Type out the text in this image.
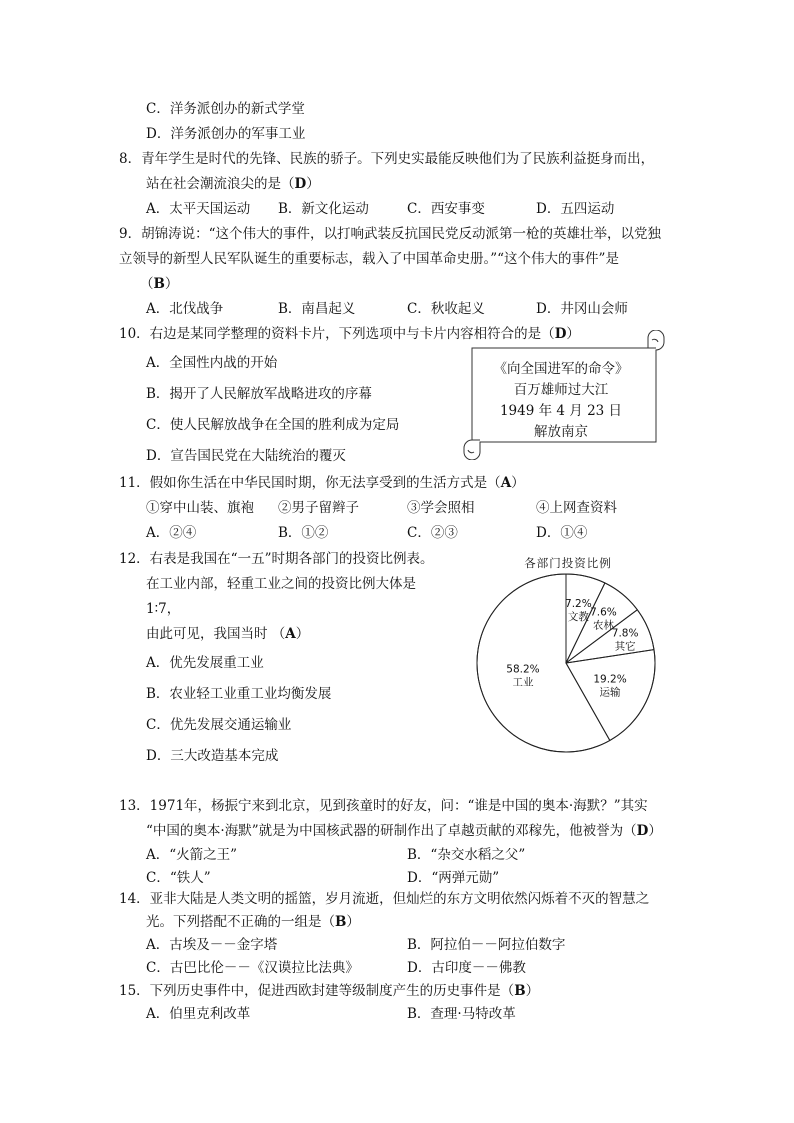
C．洋务派创办的新式学堂
D．洋务派创办的军事工业
8．青年学生是时代的先锋、民族的骄子。下列史实最能反映他们为了民族利益挺身而出，
站在社会潮流浪尖的是（D）
A．太平天国运动 B．新文化运动	C．西安事变	D．五四运动
9．胡锦涛说：“这个伟大的事件，以打响武装反抗国民党反动派第一枪的英雄壮举，以党独
立领导的新型人民军队诞生的重要标志，载入了中国革命史册。”“这个伟大的事件”是
（B）
A．北伐战争	B．南昌起义	C．秋收起义	D．井冈山会师
10．右边是某同学整理的资料卡片，下列选项中与卡片内容相符合的是（D）
A．全国性内战的开始
B．揭开了人民解放军战略进攻的序幕
C．使人民解放战争在全国的胜利成为定局
D．宣告国民党在大陆统治的覆灭
《向全国进军的命令》
百万雄师过大江
1949 年 4 月 23 日
解放南京
11．假如你生活在中华民国时期，你无法享受到的生活方式是（A）
①穿中山装、旗袍 ②男子留辫子	③学会照相	④上网查资料
A．②④	B．①②	C．②③	D．①④
12．右表是我国在“一五”时期各部门的投资比例表。
在工业内部，轻重工业之间的投资比例大体是
1∶7，
由此可见，我国当时 （A）
A．优先发展重工业
B．农业轻工业重工业均衡发展
C．优先发展交通运输业
D．三大改造基本完成
各部门投资比例
7.2%
文教 7.6%
农林
7.8%
其它
19.2%
运输
58.2%
工业
13．1971年，杨振宁来到北京，见到孩童时的好友，问：“谁是中国的奥本·海默？”其实
“中国的奥本·海默”就是为中国核武器的研制作出了卓越贡献的邓稼先，他被誉为（D）
A．“火箭之王”	B．“杂交水稻之父”
C．“铁人”	D．“两弹元勋”
14．亚非大陆是人类文明的摇篮，岁月流逝，但灿烂的东方文明依然闪烁着不灭的智慧之
光。下列搭配不正确的一组是（B）
A．古埃及－－金字塔	B．阿拉伯－－阿拉伯数字
C．古巴比伦－－《汉谟拉比法典》	D．古印度－－佛教
15．下列历史事件中，促进西欧封建等级制度产生的历史事件是（B）
A．伯里克利改革	B．查理·马特改革
